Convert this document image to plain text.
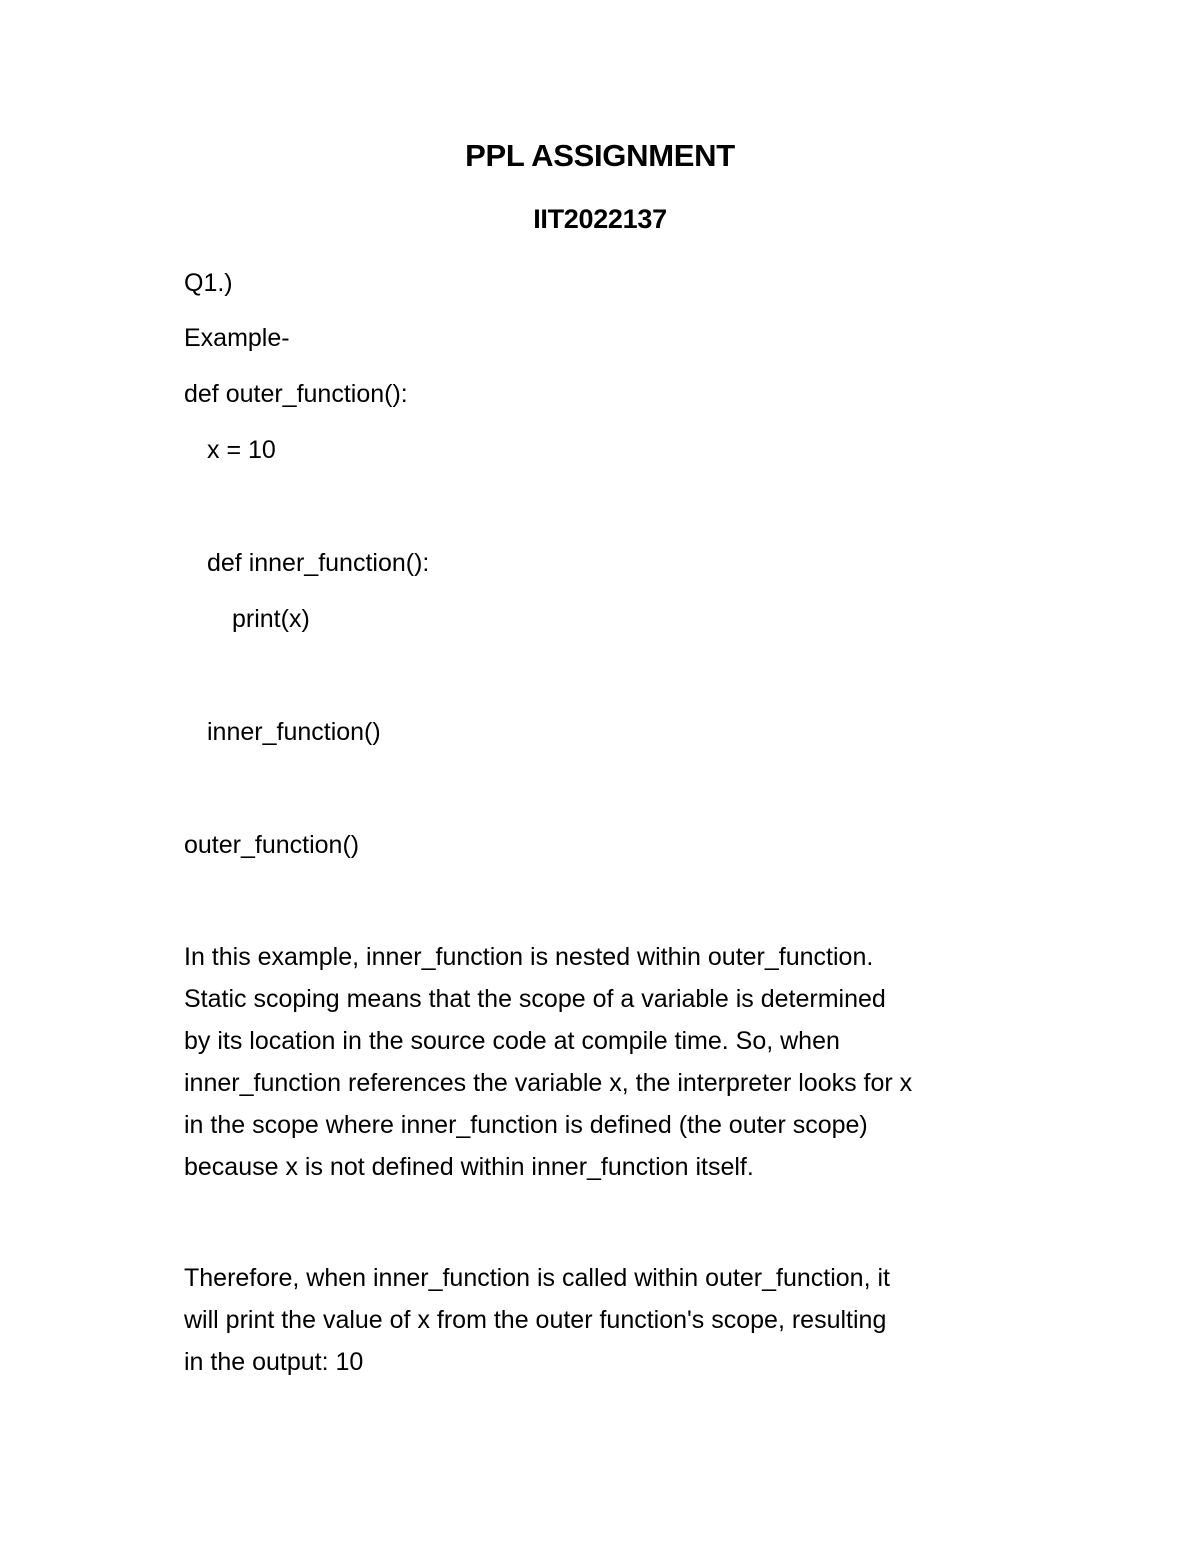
PPL ASSIGNMENT
IIT2022137
Q1.)
Example-
def outer_function():
x = 10
def inner_function():
print(x)
inner_function()
outer_function()
In this example, inner_function is nested within outer_function.
Static scoping means that the scope of a variable is determined
by its location in the source code at compile time. So, when
inner_function references the variable x, the interpreter looks for x
in the scope where inner_function is defined (the outer scope)
because x is not defined within inner_function itself.
Therefore, when inner_function is called within outer_function, it
will print the value of x from the outer function's scope, resulting
in the output: 10
